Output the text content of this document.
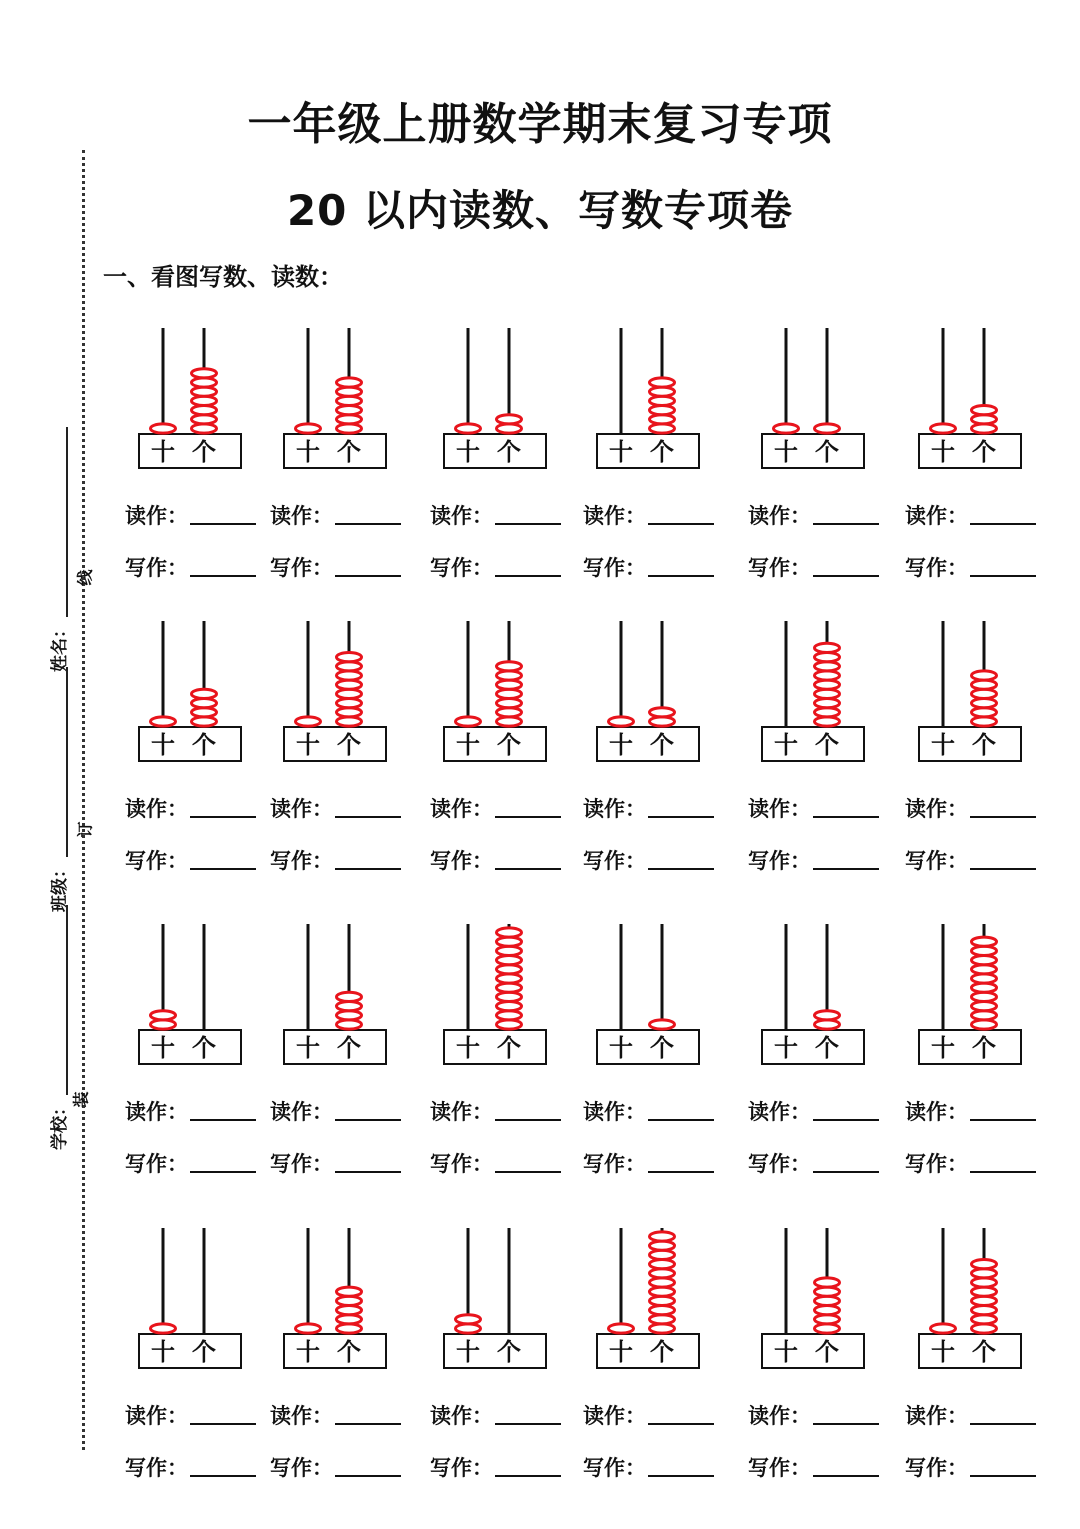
一年级上册数学期末复习专项
20 以内读数、写数专项卷
一、看图写数、读数：
线
订
装
姓名：
班级：
学校：
十 个
读作：
写作：
十 个
读作：
写作：
十 个
读作：
写作：
十 个
读作：
写作：
十 个
读作：
写作：
十 个
读作：
写作：
十 个
读作：
写作：
十 个
读作：
写作：
十 个
读作：
写作：
十 个
读作：
写作：
十 个
读作：
写作：
十 个
读作：
写作：
十 个
读作：
写作：
十 个
读作：
写作：
十 个
读作：
写作：
十 个
读作：
写作：
十 个
读作：
写作：
十 个
读作：
写作：
十 个
读作：
写作：
十 个
读作：
写作：
十 个
读作：
写作：
十 个
读作：
写作：
十 个
读作：
写作：
十 个
读作：
写作：
